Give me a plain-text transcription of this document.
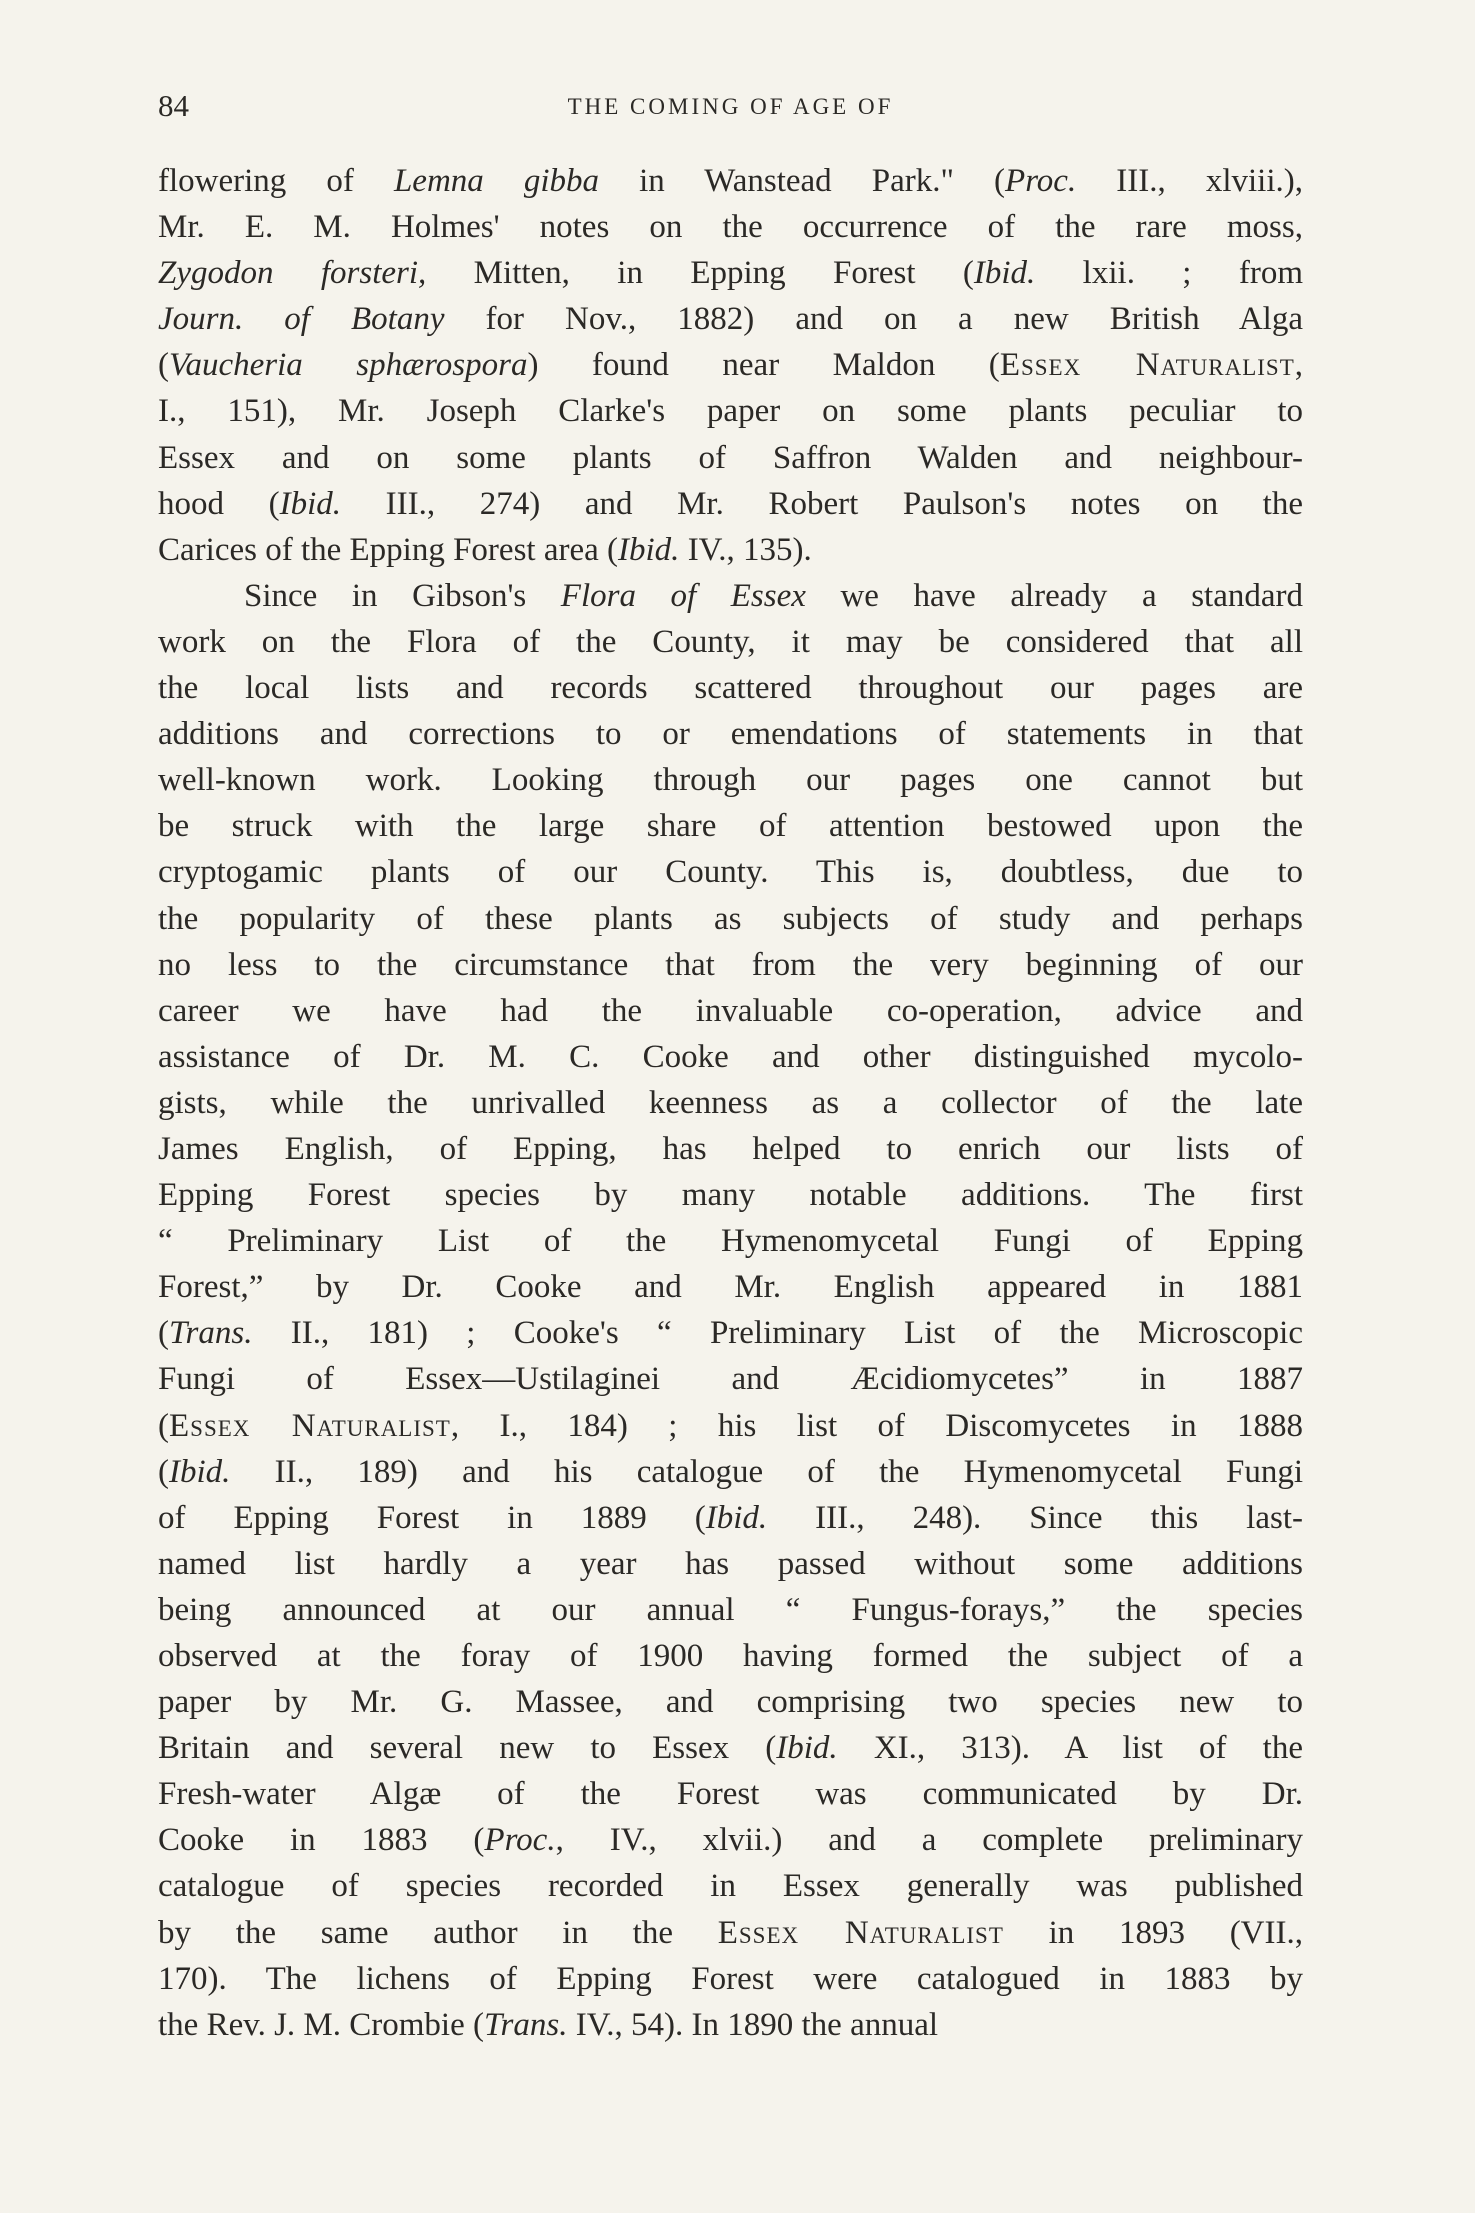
84	THE COMING OF AGE OF
flowering of Lemna gibba in Wanstead Park." (Proc. III., xlviii.),
Mr. E. M. Holmes' notes on the occurrence of the rare moss,
Zygodon forsteri, Mitten, in Epping Forest (Ibid. lxii. ; from
Journ. of Botany for Nov., 1882) and on a new British Alga
(Vaucheria sphærospora) found near Maldon (Essex Naturalist,
I., 151), Mr. Joseph Clarke's paper on some plants peculiar to
Essex and on some plants of Saffron Walden and neighbour-
hood (Ibid. III., 274) and Mr. Robert Paulson's notes on the
Carices of the Epping Forest area (Ibid. IV., 135).
Since in Gibson's Flora of Essex we have already a standard
work on the Flora of the County, it may be considered that all
the local lists and records scattered throughout our pages are
additions and corrections to or emendations of statements in that
well-known work. Looking through our pages one cannot but
be struck with the large share of attention bestowed upon the
cryptogamic plants of our County. This is, doubtless, due to
the popularity of these plants as subjects of study and perhaps
no less to the circumstance that from the very beginning of our
career we have had the invaluable co-operation, advice and
assistance of Dr. M. C. Cooke and other distinguished mycolo-
gists, while the unrivalled keenness as a collector of the late
James English, of Epping, has helped to enrich our lists of
Epping Forest species by many notable additions. The first
“ Preliminary List of the Hymenomycetal Fungi of Epping
Forest,” by Dr. Cooke and Mr. English appeared in 1881
(Trans. II., 181) ; Cooke's “ Preliminary List of the Microscopic
Fungi of Essex—Ustilaginei and Æcidiomycetes” in 1887
(Essex Naturalist, I., 184) ; his list of Discomycetes in 1888
(Ibid. II., 189) and his catalogue of the Hymenomycetal Fungi
of Epping Forest in 1889 (Ibid. III., 248). Since this last-
named list hardly a year has passed without some additions
being announced at our annual “ Fungus-forays,” the species
observed at the foray of 1900 having formed the subject of a
paper by Mr. G. Massee, and comprising two species new to
Britain and several new to Essex (Ibid. XI., 313). A list of the
Fresh-water Algæ of the Forest was communicated by Dr.
Cooke in 1883 (Proc., IV., xlvii.) and a complete preliminary
catalogue of species recorded in Essex generally was published
by the same author in the Essex Naturalist in 1893 (VII.,
170). The lichens of Epping Forest were catalogued in 1883 by
the Rev. J. M. Crombie (Trans. IV., 54). In 1890 the annual
